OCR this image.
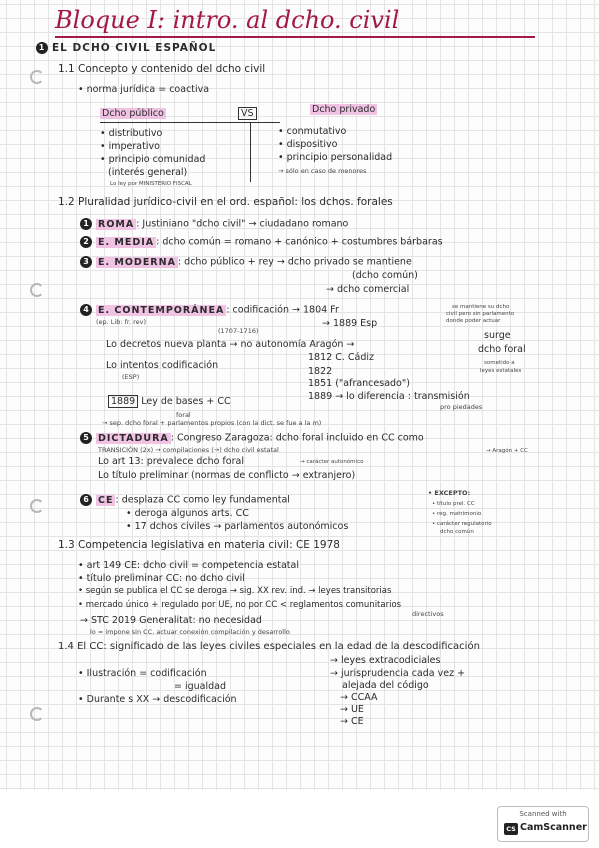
Bloque I: intro. al dcho. civil
1 EL DCHO CIVIL ESPAÑOL
1.1 Concepto y contenido del dcho civil
• norma jurídica = coactiva
Dcho público	VS	Dcho privado
• distributivo
• imperativo
• principio comunidad
(interés general)
• conmutativo
• dispositivo
• principio personalidad
→ sólo en caso de menores
Lo ley por MINISTERIO FISCAL
1.2 Pluralidad jurídico-civil en el ord. español: los dchos. forales
1 ROMA : Justiniano "dcho civil" → ciudadano romano
2 E. MEDIA : dcho común = romano + canónico + costumbres bárbaras
3 E. MODERNA : dcho público + rey → dcho privado se mantiene
(dcho común)
→ dcho comercial
4 E. CONTEMPORÁNEA : codificación → 1804 Fr
(ep. Lib: fr. rev)	→ 1889 Esp
se mantiene su dcho
civil pero sin parlamento
donde poder actuar
(1707-1716)
Lo decretos nueva planta → no autonomía Aragón →
surge
dcho foral
sometido a
leyes estatales
Lo intentos codificación
(ESP)
1812 C. Cádiz
1822
1851 ("afrancesado")
1889 → lo diferencia : transmisión
pro piedades
1889 Ley de bases + CC
foral
→ sep. dcho foral + parlamentos propios (con la dict. se fue a la m)
5 DICTADURA : Congreso Zaragoza: dcho foral incluido en CC como
TRANSICIÓN (2x) → compilaciones (→) dcho civil estatal	→ Aragón + CC
Lo art 13: prevalece dcho foral	→ carácter autonómico
Lo título preliminar (normas de conflicto → extranjero)
6 CE : desplaza CC como ley fundamental
• deroga algunos arts. CC
• 17 dchos civiles → parlamentos autonómicos
• EXCEPTO:
• título prel. CC
• reg. matrimonio
• carácter regulatorio
dcho común
1.3 Competencia legislativa en materia civil: CE 1978
• art 149 CE: dcho civil = competencia estatal
• título preliminar CC: no dcho civil
• según se publica el CC se deroga → sig. XX rev. ind. → leyes transitorias
• mercado único + regulado por UE, no por CC < reglamentos comunitarios
directivos
→ STC 2019 Generalitat: no necesidad
lo = impone sin CC. actuar conexión compilación y desarrollo
1.4 El CC: significado de las leyes civiles especiales en la edad de la descodificación
• Ilustración = codificación
= igualdad
• Durante s XX → descodificación
→ leyes extracodiciales
→ jurisprudencia cada vez +
alejada del código
→ CCAA
→ UE
→ CE
Scanned with
CS CamScanner
